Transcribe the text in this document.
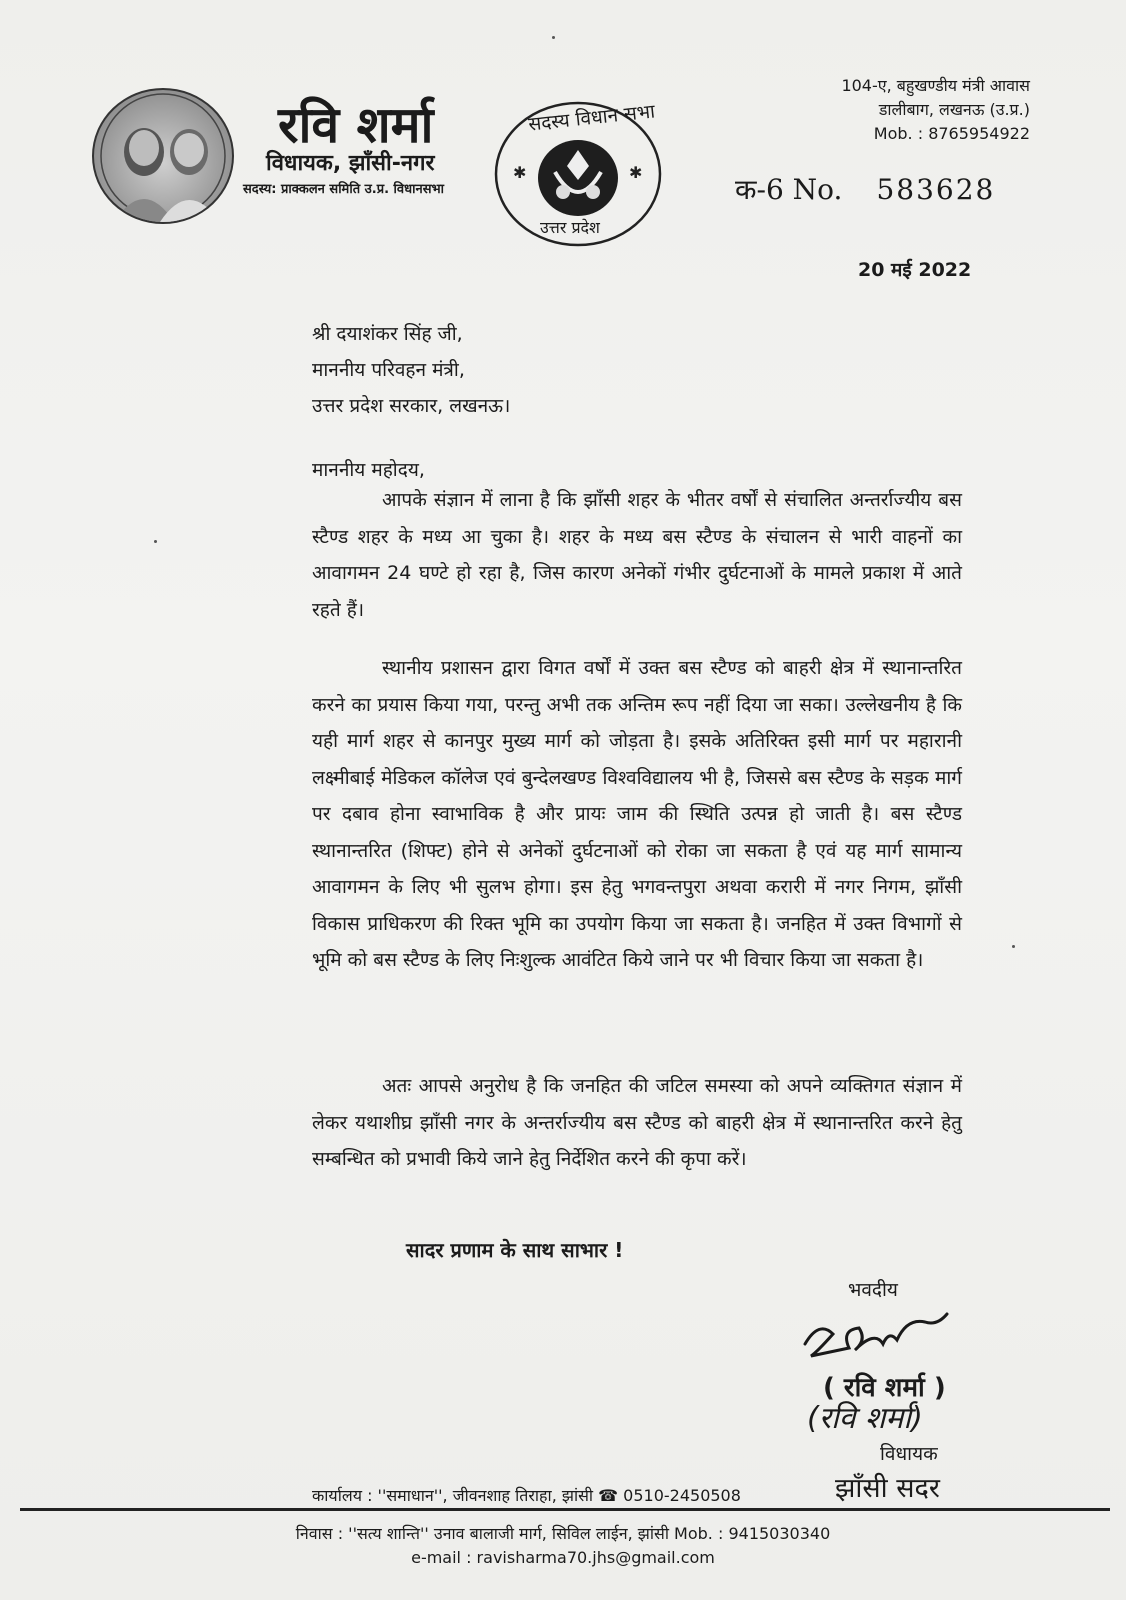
रवि शर्मा
विधायक, झाँसी-नगर
सदस्य: प्राक्कलन समिति उ.प्र. विधानसभा
✱	✱
सदस्य विधान सभा
उत्तर प्रदेश
104-ए, बहुखण्डीय मंत्री आवास
डालीबाग, लखनऊ (उ.प्र.)
Mob. : 8765954922
क-6 No. 583628
20 मई 2022
श्री दयाशंकर सिंह जी,
माननीय परिवहन मंत्री,
उत्तर प्रदेश सरकार, लखनऊ।
माननीय महोदय,
आपके संज्ञान में लाना है कि झाँसी शहर के भीतर वर्षों से संचालित अन्तर्राज्यीय बस स्टैण्ड शहर के मध्य आ चुका है। शहर के मध्य बस स्टैण्ड के संचालन से भारी वाहनों का आवागमन 24 घण्टे हो रहा है, जिस कारण अनेकों गंभीर दुर्घटनाओं के मामले प्रकाश में आते रहते हैं।
स्थानीय प्रशासन द्वारा विगत वर्षों में उक्त बस स्टैण्ड को बाहरी क्षेत्र में स्थानान्तरित करने का प्रयास किया गया, परन्तु अभी तक अन्तिम रूप नहीं दिया जा सका। उल्लेखनीय है कि यही मार्ग शहर से कानपुर मुख्य मार्ग को जोड़ता है। इसके अतिरिक्त इसी मार्ग पर महारानी लक्ष्मीबाई मेडिकल कॉलेज एवं बुन्देलखण्ड विश्वविद्यालय भी है, जिससे बस स्टैण्ड के सड़क मार्ग पर दबाव होना स्वाभाविक है और प्रायः जाम की स्थिति उत्पन्न हो जाती है। बस स्टैण्ड स्थानान्तरित (शिफ्ट) होने से अनेकों दुर्घटनाओं को रोका जा सकता है एवं यह मार्ग सामान्य आवागमन के लिए भी सुलभ होगा। इस हेतु भगवन्तपुरा अथवा करारी में नगर निगम, झाँसी विकास प्राधिकरण की रिक्त भूमि का उपयोग किया जा सकता है। जनहित में उक्त विभागों से भूमि को बस स्टैण्ड के लिए निःशुल्क आवंटित किये जाने पर भी विचार किया जा सकता है।
अतः आपसे अनुरोध है कि जनहित की जटिल समस्या को अपने व्यक्तिगत संज्ञान में लेकर यथाशीघ्र झाँसी नगर के अन्तर्राज्यीय बस स्टैण्ड को बाहरी क्षेत्र में स्थानान्तरित करने हेतु सम्बन्धित को प्रभावी किये जाने हेतु निर्देशित करने की कृपा करें।
सादर प्रणाम के साथ साभार !
भवदीय
( रवि शर्मा )
(रवि शर्मा)
विधायक
कार्यालय : ''समाधान'', जीवनशाह तिराहा, झांसी ☎ 0510-2450508	झाँसी सदर
निवास : ''सत्य शान्ति'' उनाव बालाजी मार्ग, सिविल लाईन, झांसी Mob. : 9415030340
e-mail : ravisharma70.jhs@gmail.com
